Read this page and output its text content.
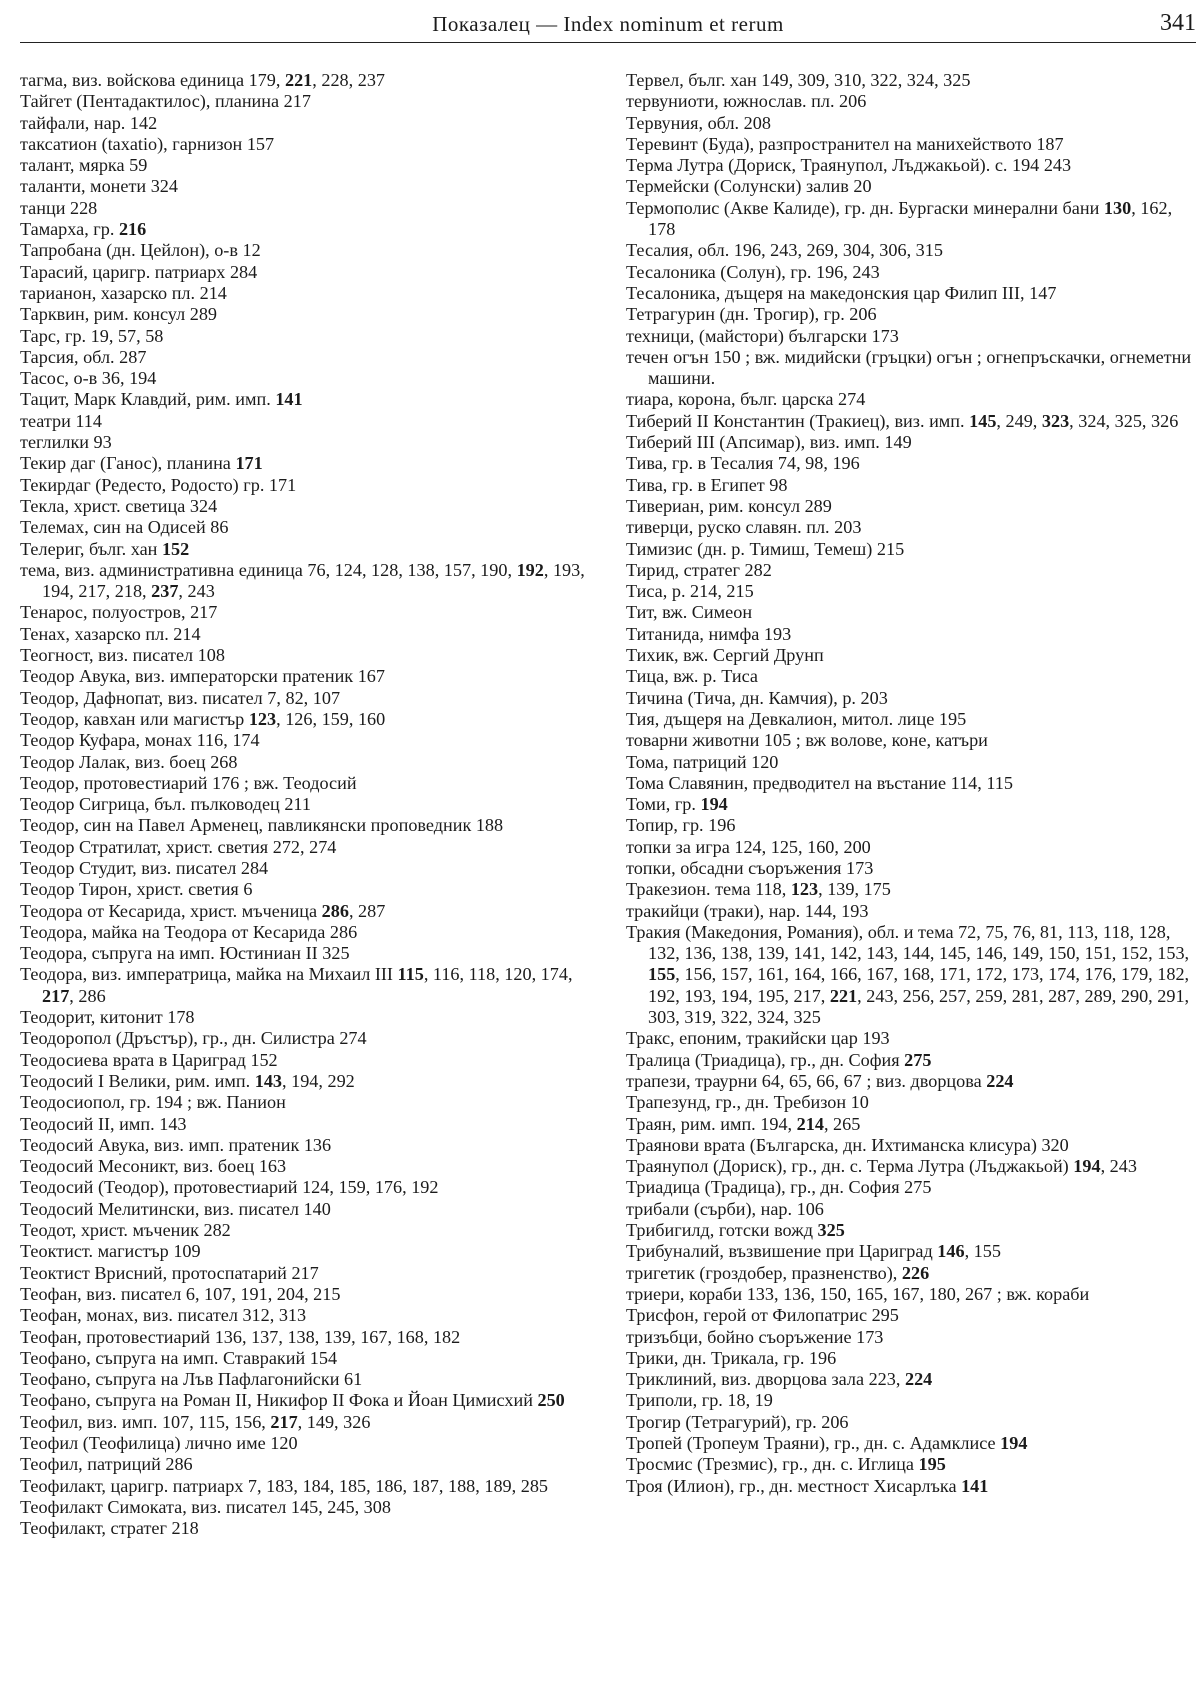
Показалец — Index nominum et rerum	341

тагма, виз. войскова единица 179, 221, 228, 237

Тайгет (Пентадактилос), планина 217

тайфали, нар. 142

таксатион (taxatio), гарнизон 157

талант, мярка 59

таланти, монети 324

танци 228

Тамарха, гр. 216

Тапробана (дн. Цейлон), о-в 12

Тарасий, царигр. патриарх 284

тарианон, хазарско пл. 214

Тарквин, рим. консул 289

Тарс, гр. 19, 57, 58

Тарсия, обл. 287

Тасос, о-в 36, 194

Тацит, Марк Клавдий, рим. имп. 141

театри 114

теглилки 93

Текир даг (Ганос), планина 171

Текирдаг (Редесто, Родосто) гр. 171

Текла, христ. светица 324

Телемах, син на Одисей 86

Телериг, бълг. хан 152

тема, виз. административна единица 76, 124, 128, 138, 157, 190, 192, 193, 194, 217, 218, 237, 243

Тенарос, полуостров, 217

Тенах, хазарско пл. 214

Теогност, виз. писател 108

Теодор Авука, виз. императорски пратеник 167

Теодор, Дафнопат, виз. писател 7, 82, 107

Теодор, кавхан или магистър 123, 126, 159, 160

Теодор Куфара, монах 116, 174

Теодор Лалак, виз. боец 268

Теодор, протовестиарий 176 ; вж. Теодосий

Теодор Сигрица, бъл. пълководец 211

Теодор, син на Павел Арменец, павликянски проповедник 188

Теодор Стратилат, христ. светия 272, 274

Теодор Студит, виз. писател 284

Теодор Тирон, христ. светия 6

Теодора от Кесарида, христ. мъченица 286, 287

Теодора, майка на Теодора от Кесарида 286

Теодора, съпруга на имп. Юстиниан II 325

Теодора, виз. императрица, майка на Михаил III 115, 116, 118, 120, 174, 217, 286

Теодорит, китонит 178

Теодоропол (Дръстър), гр., дн. Силистра 274

Теодосиева врата в Цариград 152

Теодосий I Велики, рим. имп. 143, 194, 292

Теодосиопол, гр. 194 ; вж. Панион

Теодосий II, имп. 143

Теодосий Авука, виз. имп. пратеник 136

Теодосий Месоникт, виз. боец 163

Теодосий (Теодор), протовестиарий 124, 159, 176, 192

Теодосий Мелитински, виз. писател 140

Теодот, христ. мъченик 282

Теоктист. магистър 109

Теоктист Врисний, протоспатарий 217

Теофан, виз. писател 6, 107, 191, 204, 215

Теофан, монах, виз. писател 312, 313

Теофан, протовестиарий 136, 137, 138, 139, 167, 168, 182

Теофано, съпруга на имп. Ставракий 154

Теофано, съпруга на Лъв Пафлагонийски 61

Теофано, съпруга на Роман II, Никифор II Фока и Йоан Цимисхий 250

Теофил, виз. имп. 107, 115, 156, 217, 149, 326

Теофил (Теофилица) лично име 120

Теофил, патриций 286

Теофилакт, царигр. патриарх 7, 183, 184, 185, 186, 187, 188, 189, 285

Теофилакт Симоката, виз. писател 145, 245, 308

Теофилакт, стратег 218

Тервел, бълг. хан 149, 309, 310, 322, 324, 325

тервуниоти, южнослав. пл. 206

Тервуния, обл. 208

Теревинт (Буда), разпространител на манихейството 187

Терма Лутра (Дориск, Траянупол, Лъджакьой). с. 194 243

Термейски (Солунски) залив 20

Термополис (Акве Калиде), гр. дн. Бургаски минерални бани 130, 162, 178

Тесалия, обл. 196, 243, 269, 304, 306, 315

Тесалоника (Солун), гр. 196, 243

Тесалоника, дъщеря на македонския цар Филип III, 147

Тетрагурин (дн. Трогир), гр. 206

техници, (майстори) български 173

течен огън 150 ; вж. мидийски (гръцки) огън ; огнепръскачки, огнеметни машини.

тиара, корона, бълг. царска 274

Тиберий II Константин (Тракиец), виз. имп. 145, 249, 323, 324, 325, 326

Тиберий III (Апсимар), виз. имп. 149

Тива, гр. в Тесалия 74, 98, 196

Тива, гр. в Египет 98

Тивериан, рим. консул 289

тиверци, руско славян. пл. 203

Тимизис (дн. р. Тимиш, Темеш) 215

Тирид, стратег 282

Тиса, р. 214, 215

Тит, вж. Симеон

Титанида, нимфа 193

Тихик, вж. Сергий Друнп

Тица, вж. р. Тиса

Тичина (Тича, дн. Камчия), р. 203

Тия, дъщеря на Девкалион, митол. лице 195

товарни животни 105 ; вж волове, коне, катъри

Тома, патриций 120

Тома Славянин, предводител на въстание 114, 115

Томи, гр. 194

Топир, гр. 196

топки за игра 124, 125, 160, 200

топки, обсадни съоръжения 173

Тракезион. тема 118, 123, 139, 175

тракийци (траки), нар. 144, 193

Тракия (Македония, Романия), обл. и тема 72, 75, 76, 81, 113, 118, 128, 132, 136, 138, 139, 141, 142, 143, 144, 145, 146, 149, 150, 151, 152, 153, 155, 156, 157, 161, 164, 166, 167, 168, 171, 172, 173, 174, 176, 179, 182, 192, 193, 194, 195, 217, 221, 243, 256, 257, 259, 281, 287, 289, 290, 291, 303, 319, 322, 324, 325

Тракс, епоним, тракийски цар 193

Тралица (Триадица), гр., дн. София 275

трапези, траурни 64, 65, 66, 67 ; виз. дворцова 224

Трапезунд, гр., дн. Требизон 10

Траян, рим. имп. 194, 214, 265

Траянови врата (Българска, дн. Ихтиманска клисура) 320

Траянупол (Дориск), гр., дн. с. Терма Лутра (Лъджакьой) 194, 243

Триадица (Традица), гр., дн. София 275

трибали (сърби), нар. 106

Трибигилд, готски вожд 325

Трибуналий, възвишение при Цариград 146, 155

тригетик (гроздобер, празненство), 226

триери, кораби 133, 136, 150, 165, 167, 180, 267 ; вж. кораби

Трисфон, герой от Филопатрис 295

тризъбци, бойно съоръжение 173

Трики, дн. Трикала, гр. 196

Триклиний, виз. дворцова зала 223, 224

Триполи, гр. 18, 19

Трогир (Тетрагурий), гр. 206

Тропей (Тропеум Траяни), гр., дн. с. Адамклисе 194

Тросмис (Трезмис), гр., дн. с. Иглица 195

Троя (Илион), гр., дн. местност Хисарлъка 141
